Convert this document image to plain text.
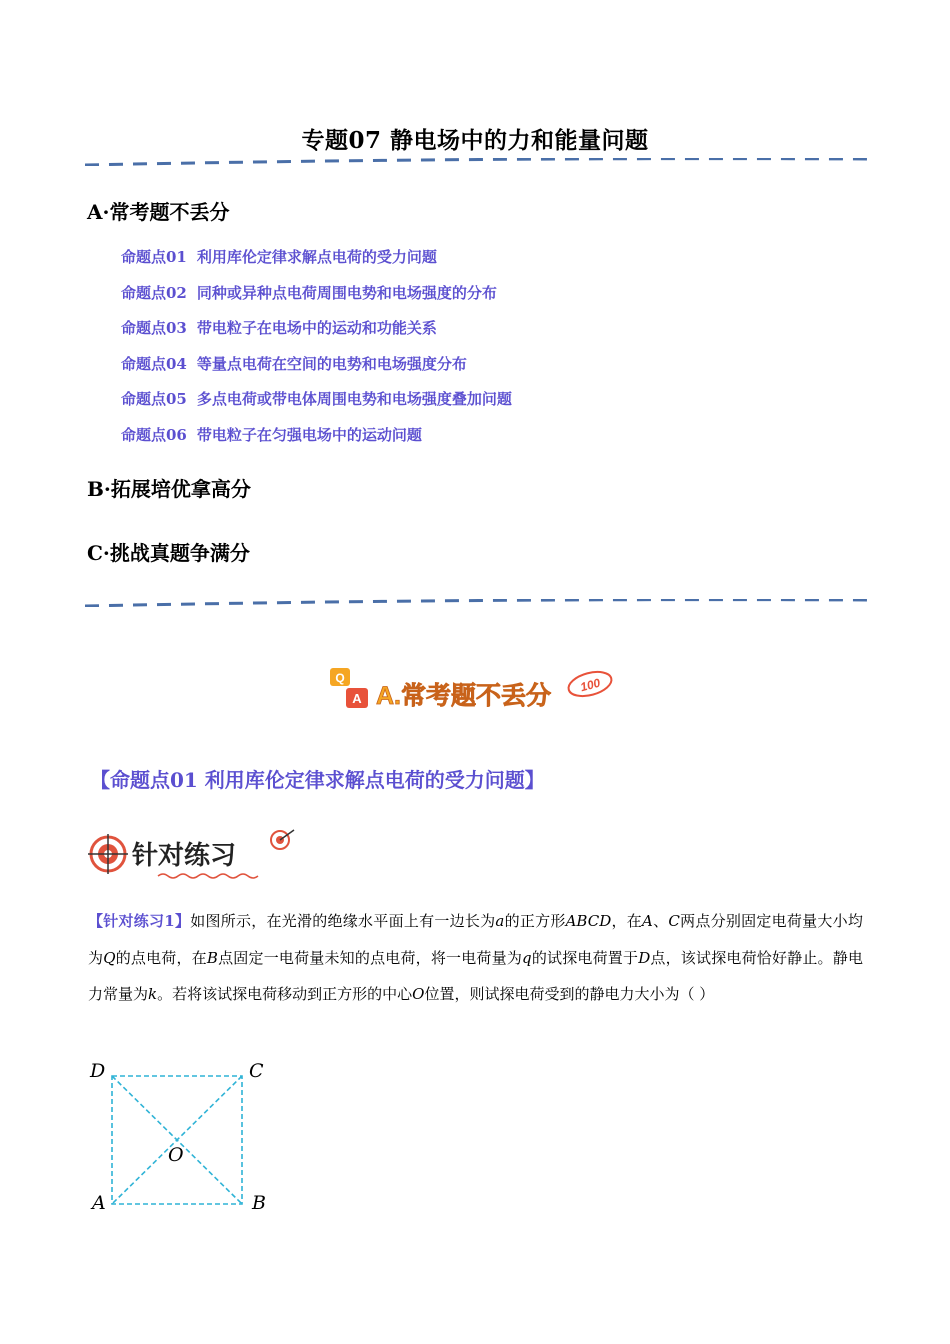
专题07 静电场中的力和能量问题
A·常考题不丢分
命题点01 利用库伦定律求解点电荷的受力问题
命题点02 同种或异种点电荷周围电势和电场强度的分布
命题点03 带电粒子在电场中的运动和功能关系
命题点04 等量点电荷在空间的电势和电场强度分布
命题点05 多点电荷或带电体周围电势和电场强度叠加问题
命题点06 带电粒子在匀强电场中的运动问题
B·拓展培优拿高分
C·挑战真题争满分
Q
A A.常考题不丢分 100
【命题点01 利用库伦定律求解点电荷的受力问题】
针对练习
【针对练习1】如图所示，在光滑的绝缘水平面上有一边长为a的正方形ABCD，在A、C两点分别固定电荷量大小均为Q的点电荷，在B点固定一电荷量未知的点电荷，将一电荷量为q的试探电荷置于D点，该试探电荷恰好静止。静电力常量为k。若将该试探电荷移动到正方形的中心O位置，则试探电荷受到的静电力大小为（ ）
D	C
O
A	B
